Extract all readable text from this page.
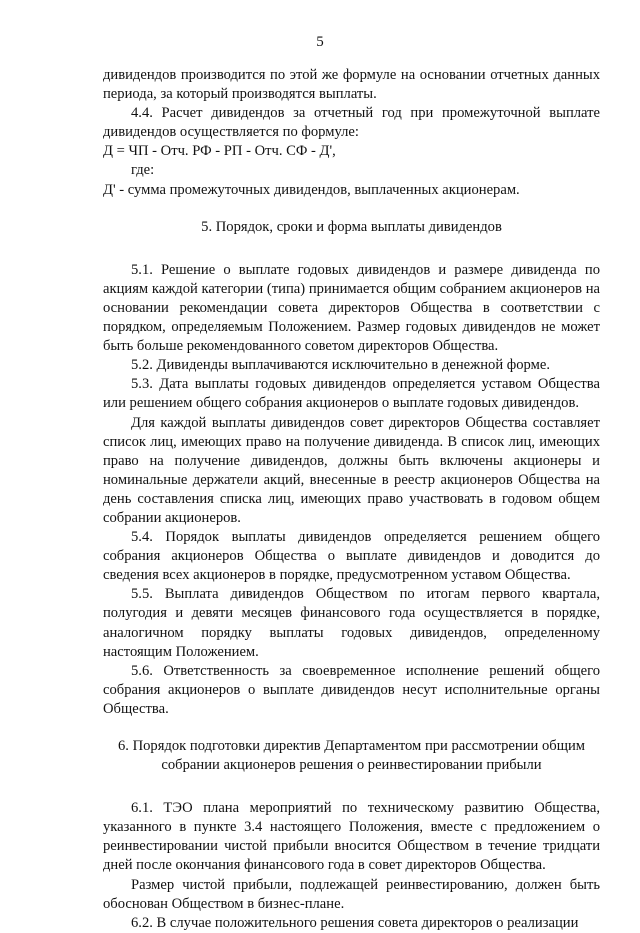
5

дивидендов производится по этой же формуле на основании отчетных данных периода, за который производятся выплаты.

4.4. Расчет дивидендов за отчетный год при промежуточной выплате дивидендов осуществляется по формуле:

Д = ЧП - Отч. РФ - РП - Отч. СФ - Д',

где:

Д' - сумма промежуточных дивидендов, выплаченных акционерам.

5. Порядок, сроки и форма выплаты дивидендов

5.1. Решение о выплате годовых дивидендов и размере дивиденда по акциям каждой категории (типа) принимается общим собранием акционеров на основании рекомендации совета директоров Общества в соответствии с порядком, определяемым Положением. Размер годовых дивидендов не может быть больше рекомендованного советом директоров Общества.

5.2. Дивиденды выплачиваются исключительно в денежной форме.

5.3. Дата выплаты годовых дивидендов определяется уставом Общества или решением общего собрания акционеров о выплате годовых дивидендов.

Для каждой выплаты дивидендов совет директоров Общества составляет список лиц, имеющих право на получение дивиденда. В список лиц, имеющих право на получение дивидендов, должны быть включены акционеры и номинальные держатели акций, внесенные в реестр акционеров Общества на день составления списка лиц, имеющих право участвовать в годовом общем собрании акционеров.

5.4. Порядок выплаты дивидендов определяется решением общего собрания акционеров Общества о выплате дивидендов и доводится до сведения всех акционеров в порядке, предусмотренном уставом Общества.

5.5. Выплата дивидендов Обществом по итогам первого квартала, полугодия и девяти месяцев финансового года осуществляется в порядке, аналогичном порядку выплаты годовых дивидендов, определенному настоящим Положением.

5.6. Ответственность за своевременное исполнение решений общего собрания акционеров о выплате дивидендов несут исполнительные органы Общества.

6. Порядок подготовки директив Департаментом при рассмотрении общим

собрании акционеров решения о реинвестировании прибыли

6.1. ТЭО плана мероприятий по техническому развитию Общества, указанного в пункте 3.4 настоящего Положения, вместе с предложением о реинвестировании чистой прибыли вносится Обществом в течение тридцати дней после окончания финансового года в совет директоров Общества.

Размер чистой прибыли, подлежащей реинвестированию, должен быть обоснован Обществом в бизнес-плане.

6.2. В случае положительного решения совета директоров о реализации
